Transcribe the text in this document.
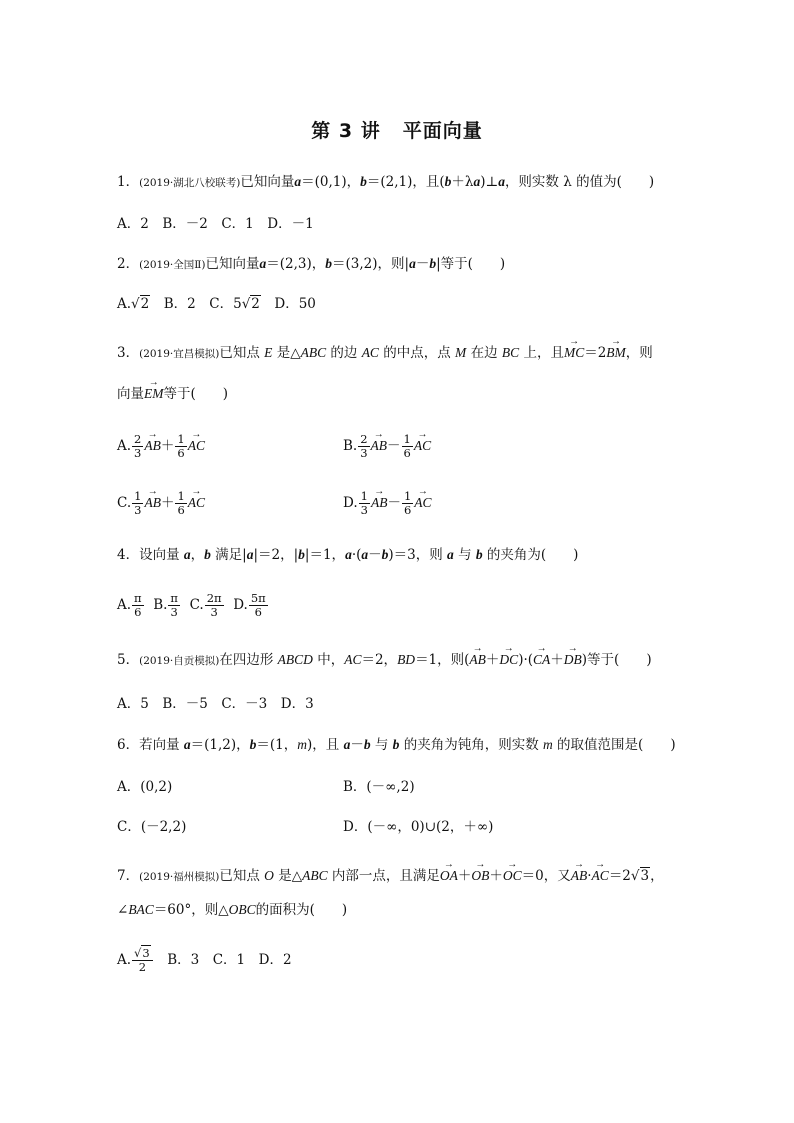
第 3 讲 平面向量
1．(2019·湖北八校联考)已知向量a＝(0,1)，b＝(2,1)，且(b＋λa)⊥a，则实数 λ 的值为(　　)
A．2　B．－2　C．1　D．－1
2．(2019·全国Ⅱ)已知向量a＝(2,3)，b＝(3,2)，则|a－b|等于(　　)
A.√2　B．2　C．5√2　D．50
3．(2019·宜昌模拟)已知点 E 是△ABC 的边 AC 的中点，点 M 在边 BC 上，且→ MC＝2→ BM，则
向量→ EM等于(　　)
A. $\frac{2}{3}$
→ $AB+ \frac{1}{6}$
→ AC	B. $\frac{2}{3}$
→ $AB- \frac{1}{6}$
→ AC
C. $\frac{1}{3}$
→ $AB+ \frac{1}{6}$
→ AC	D. $\frac{1}{3}$
→ $AB- \frac{1}{6}$
→ AC
4．设向量 a，b 满足|a|＝2，|b|＝1，a·(a－b)＝3，则 a 与 b 的夹角为(　　)
A. $\frac{\pi}{6} B$. $\frac{\pi}{3} C$. $\frac{2\pi}{3} D$. $\frac{5\pi}{6}$
5．(2019·自贡模拟)在四边形 ABCD 中，AC＝2，BD＝1，则(→ AB＋→ DC)·(→ CA＋→ DB)等于(　　)
A．5　B．－5　C．－3　D．3
6．若向量 a＝(1,2)，b＝(1，m)，且 a－b 与 b 的夹角为钝角，则实数 m 的取值范围是(　　)
A．(0,2)	B．(－∞,2)
C．(－2,2)	D．(－∞，0)∪(2，＋∞)
7．(2019·福州模拟)已知点 O 是△ABC 内部一点，且满足→ OA＋→ OB＋→ OC＝0，又→ AB·→ AC＝2√3，
∠BAC＝60°，则△OBC的面积为(　　)
A. $\frac{√3}{2}$ 　B．3　C．1　D．2
